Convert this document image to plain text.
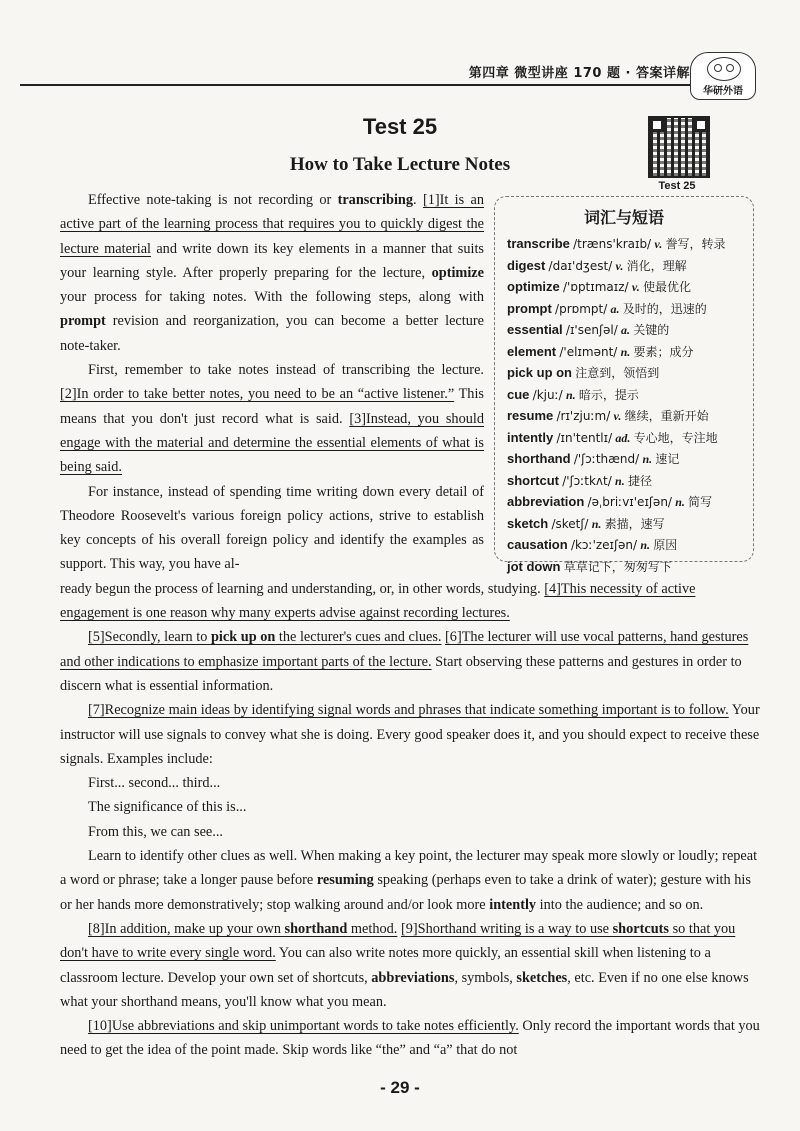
第四章 微型讲座 170 题 · 答案详解
华研外语
Test 25
How to Take Lecture Notes
Test 25
词汇与短语
transcribe /træns'kraɪb/ v. 誊写，转录
digest /daɪ'dʒest/ v. 消化，理解
optimize /'ɒptɪmaɪz/ v. 使最优化
prompt /prɒmpt/ a. 及时的，迅速的
essential /ɪ'senʃəl/ a. 关键的
element /'elɪmənt/ n. 要素；成分
pick up on 注意到，领悟到
cue /kjuː/ n. 暗示，提示
resume /rɪ'zjuːm/ v. 继续，重新开始
intently /ɪn'tentlɪ/ ad. 专心地，专注地
shorthand /'ʃɔːthænd/ n. 速记
shortcut /'ʃɔːtkʌt/ n. 捷径
abbreviation /əˌbriːvɪ'eɪʃən/ n. 简写
sketch /sketʃ/ n. 素描，速写
causation /kɔː'zeɪʃən/ n. 原因
jot down 草草记下，匆匆写下

Effective note-taking is not recording or transcribing. [1]It is an active part of the learning process that requires you to quickly digest the lecture material and write down its key elements in a manner that suits your learning style. After properly preparing for the lecture, optimize your process for taking notes. With the following steps, along with prompt revision and reorganization, you can become a better lecture note-taker.

First, remember to take notes instead of transcribing the lecture. [2]In order to take better notes, you need to be an “active listener.” This means that you don't just record what is said. [3]Instead, you should engage with the material and determine the essential elements of what is being said.

For instance, instead of spending time writing down every detail of Theodore Roosevelt's various foreign policy actions, strive to establish key concepts of his overall foreign policy and identify the examples as support. This way, you have al-

ready begun the process of learning and understanding, or, in other words, studying. [4]This necessity of active engagement is one reason why many experts advise against recording lectures.

[5]Secondly, learn to pick up on the lecturer's cues and clues. [6]The lecturer will use vocal patterns, hand gestures and other indications to emphasize important parts of the lecture. Start observing these patterns and gestures in order to discern what is essential information.

[7]Recognize main ideas by identifying signal words and phrases that indicate something important is to follow. Your instructor will use signals to convey what she is doing. Every good speaker does it, and you should expect to receive these signals. Examples include:

First... second... third...

The significance of this is...

From this, we can see...

Learn to identify other clues as well. When making a key point, the lecturer may speak more slowly or loudly; repeat a word or phrase; take a longer pause before resuming speaking (perhaps even to take a drink of water); gesture with his or her hands more demonstratively; stop walking around and/or look more intently into the audience; and so on.

[8]In addition, make up your own shorthand method. [9]Shorthand writing is a way to use shortcuts so that you don't have to write every single word. You can also write notes more quickly, an essential skill when listening to a classroom lecture. Develop your own set of shortcuts, abbreviations, symbols, sketches, etc. Even if no one else knows what your shorthand means, you'll know what you mean.

[10]Use abbreviations and skip unimportant words to take notes efficiently. Only record the important words that you need to get the idea of the point made. Skip words like “the” and “a” that do not

- 29 -
